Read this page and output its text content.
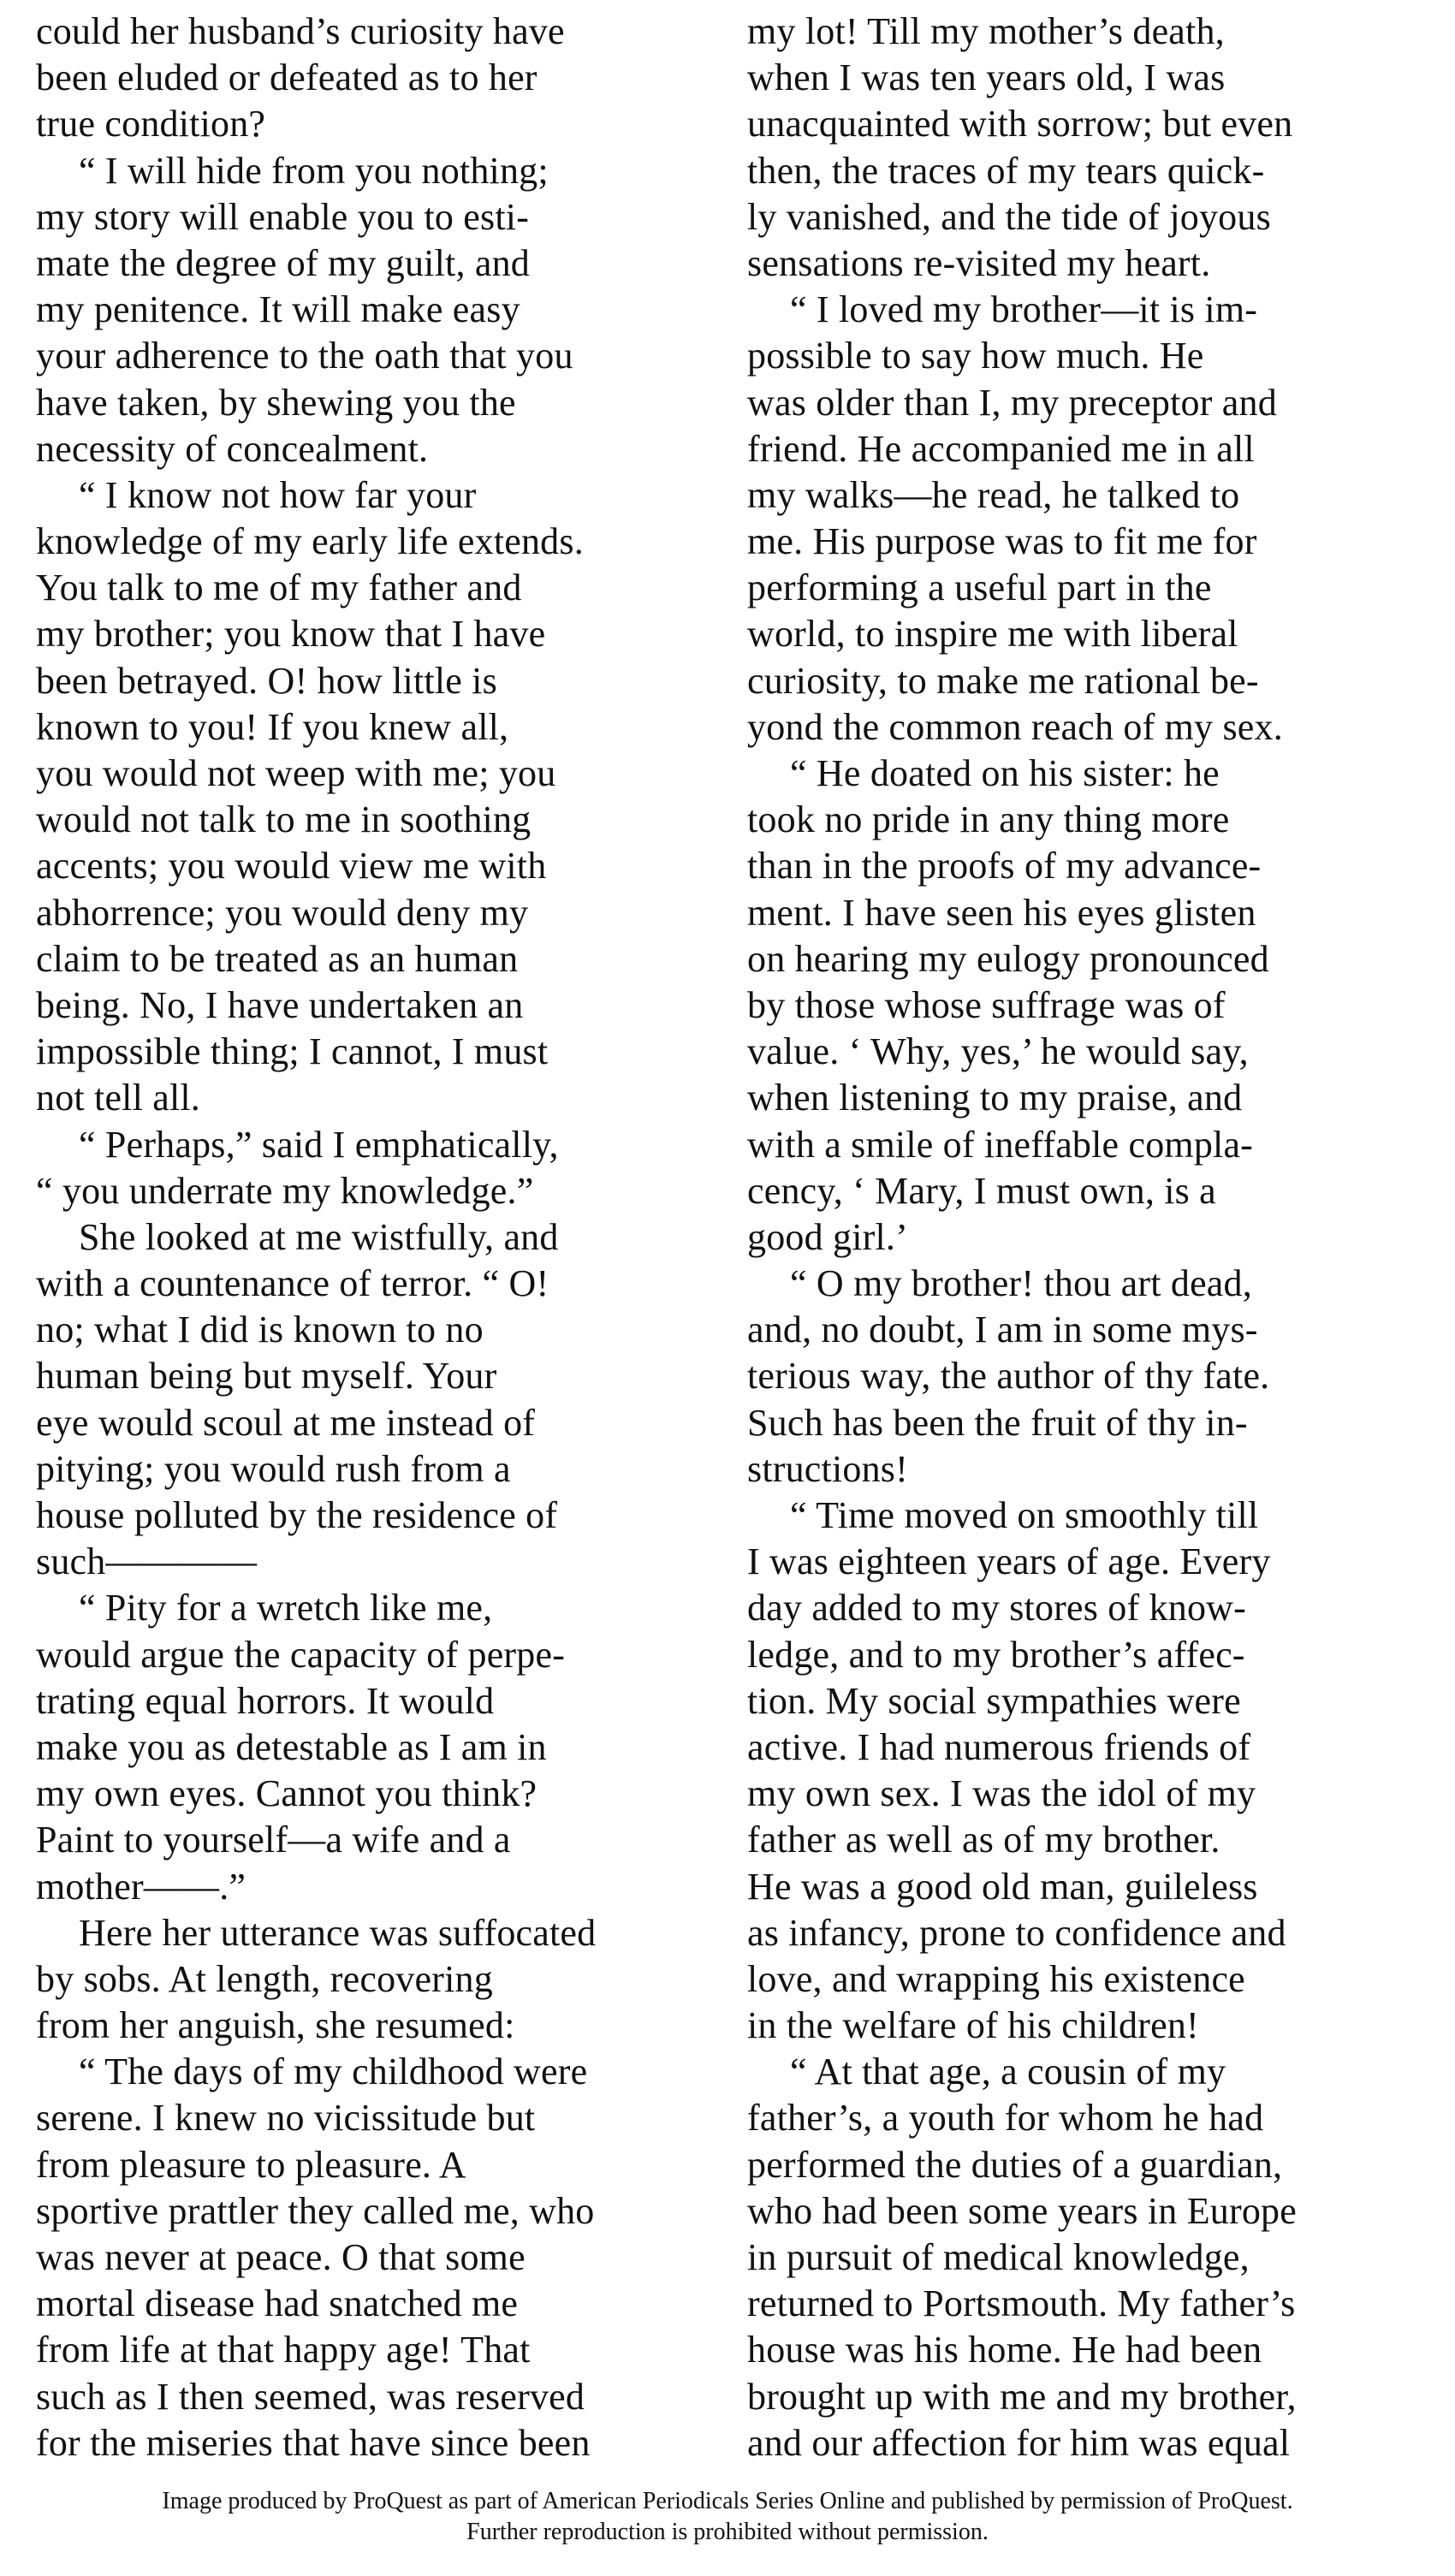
could her husband’s curiosity have
been eluded or defeated as to her
true condition?
“ I will hide from you nothing;
my story will enable you to esti-
mate the degree of my guilt, and
my penitence. It will make easy
your adherence to the oath that you
have taken, by shewing you the
necessity of concealment.
“ I know not how far your
knowledge of my early life extends.
You talk to me of my father and
my brother; you know that I have
been betrayed. O! how little is
known to you! If you knew all,
you would not weep with me; you
would not talk to me in soothing
accents; you would view me with
abhorrence; you would deny my
claim to be treated as an human
being. No, I have undertaken an
impossible thing; I cannot, I must
not tell all.
“ Perhaps,” said I emphatically,
“ you underrate my knowledge.”
She looked at me wistfully, and
with a countenance of terror. “ O!
no; what I did is known to no
human being but myself. Your
eye would scoul at me instead of
pitying; you would rush from a
house polluted by the residence of
such————
“ Pity for a wretch like me,
would argue the capacity of perpe-
trating equal horrors. It would
make you as detestable as I am in
my own eyes. Cannot you think?
Paint to yourself—a wife and a
mother——.”
Here her utterance was suffocated
by sobs. At length, recovering
from her anguish, she resumed:
“ The days of my childhood were
serene. I knew no vicissitude but
from pleasure to pleasure. A
sportive prattler they called me, who
was never at peace. O that some
mortal disease had snatched me
from life at that happy age! That
such as I then seemed, was reserved
for the miseries that have since been
my lot! Till my mother’s death,
when I was ten years old, I was
unacquainted with sorrow; but even
then, the traces of my tears quick-
ly vanished, and the tide of joyous
sensations re-visited my heart.
“ I loved my brother—it is im-
possible to say how much. He
was older than I, my preceptor and
friend. He accompanied me in all
my walks—he read, he talked to
me. His purpose was to fit me for
performing a useful part in the
world, to inspire me with liberal
curiosity, to make me rational be-
yond the common reach of my sex.
“ He doated on his sister: he
took no pride in any thing more
than in the proofs of my advance-
ment. I have seen his eyes glisten
on hearing my eulogy pronounced
by those whose suffrage was of
value. ‘ Why, yes,’ he would say,
when listening to my praise, and
with a smile of ineffable compla-
cency, ‘ Mary, I must own, is a
good girl.’
“ O my brother! thou art dead,
and, no doubt, I am in some mys-
terious way, the author of thy fate.
Such has been the fruit of thy in-
structions!
“ Time moved on smoothly till
I was eighteen years of age. Every
day added to my stores of know-
ledge, and to my brother’s affec-
tion. My social sympathies were
active. I had numerous friends of
my own sex. I was the idol of my
father as well as of my brother.
He was a good old man, guileless
as infancy, prone to confidence and
love, and wrapping his existence
in the welfare of his children!
“ At that age, a cousin of my
father’s, a youth for whom he had
performed the duties of a guardian,
who had been some years in Europe
in pursuit of medical knowledge,
returned to Portsmouth. My father’s
house was his home. He had been
brought up with me and my brother,
and our affection for him was equal
Image produced by ProQuest as part of American Periodicals Series Online and published by permission of ProQuest.
Further reproduction is prohibited without permission.
